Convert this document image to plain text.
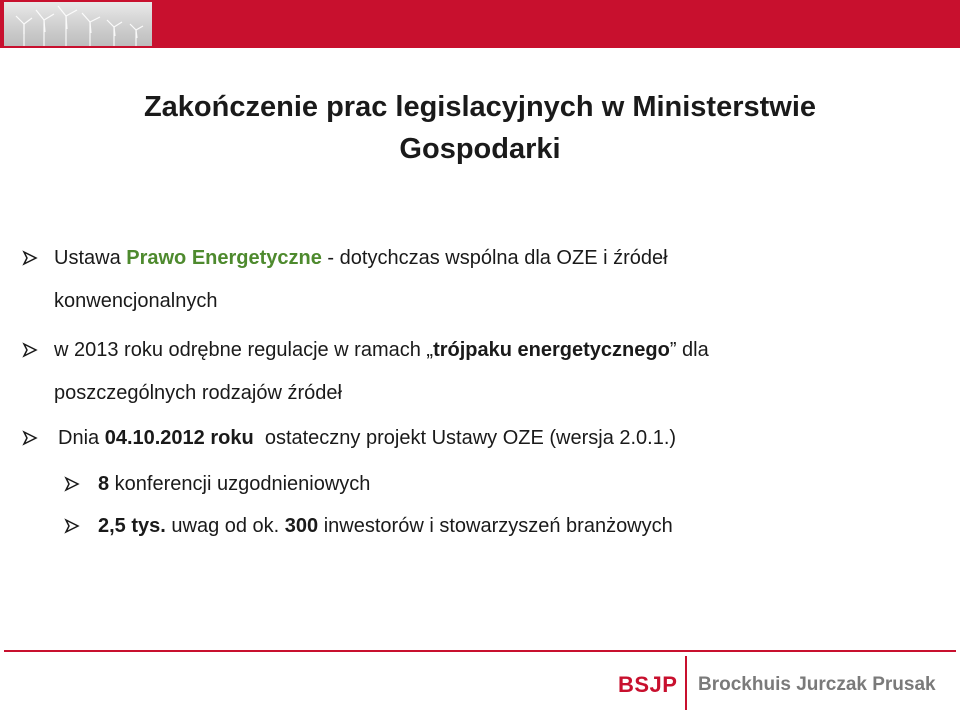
Zakończenie prac legislacyjnych w Ministerstwie Gospodarki
Ustawa Prawo Energetyczne - dotychczas wspólna dla OZE i źródeł
konwencjonalnych
w 2013 roku odrębne regulacje w ramach „trójpaku energetycznego” dla
poszczególnych rodzajów źródeł
Dnia 04.10.2012 roku  ostateczny projekt Ustawy OZE (wersja 2.0.1.)
8 konferencji uzgodnieniowych
2,5 tys. uwag od ok. 300 inwestorów i stowarzyszeń branżowych
BSJP Brockhuis Jurczak Prusak
